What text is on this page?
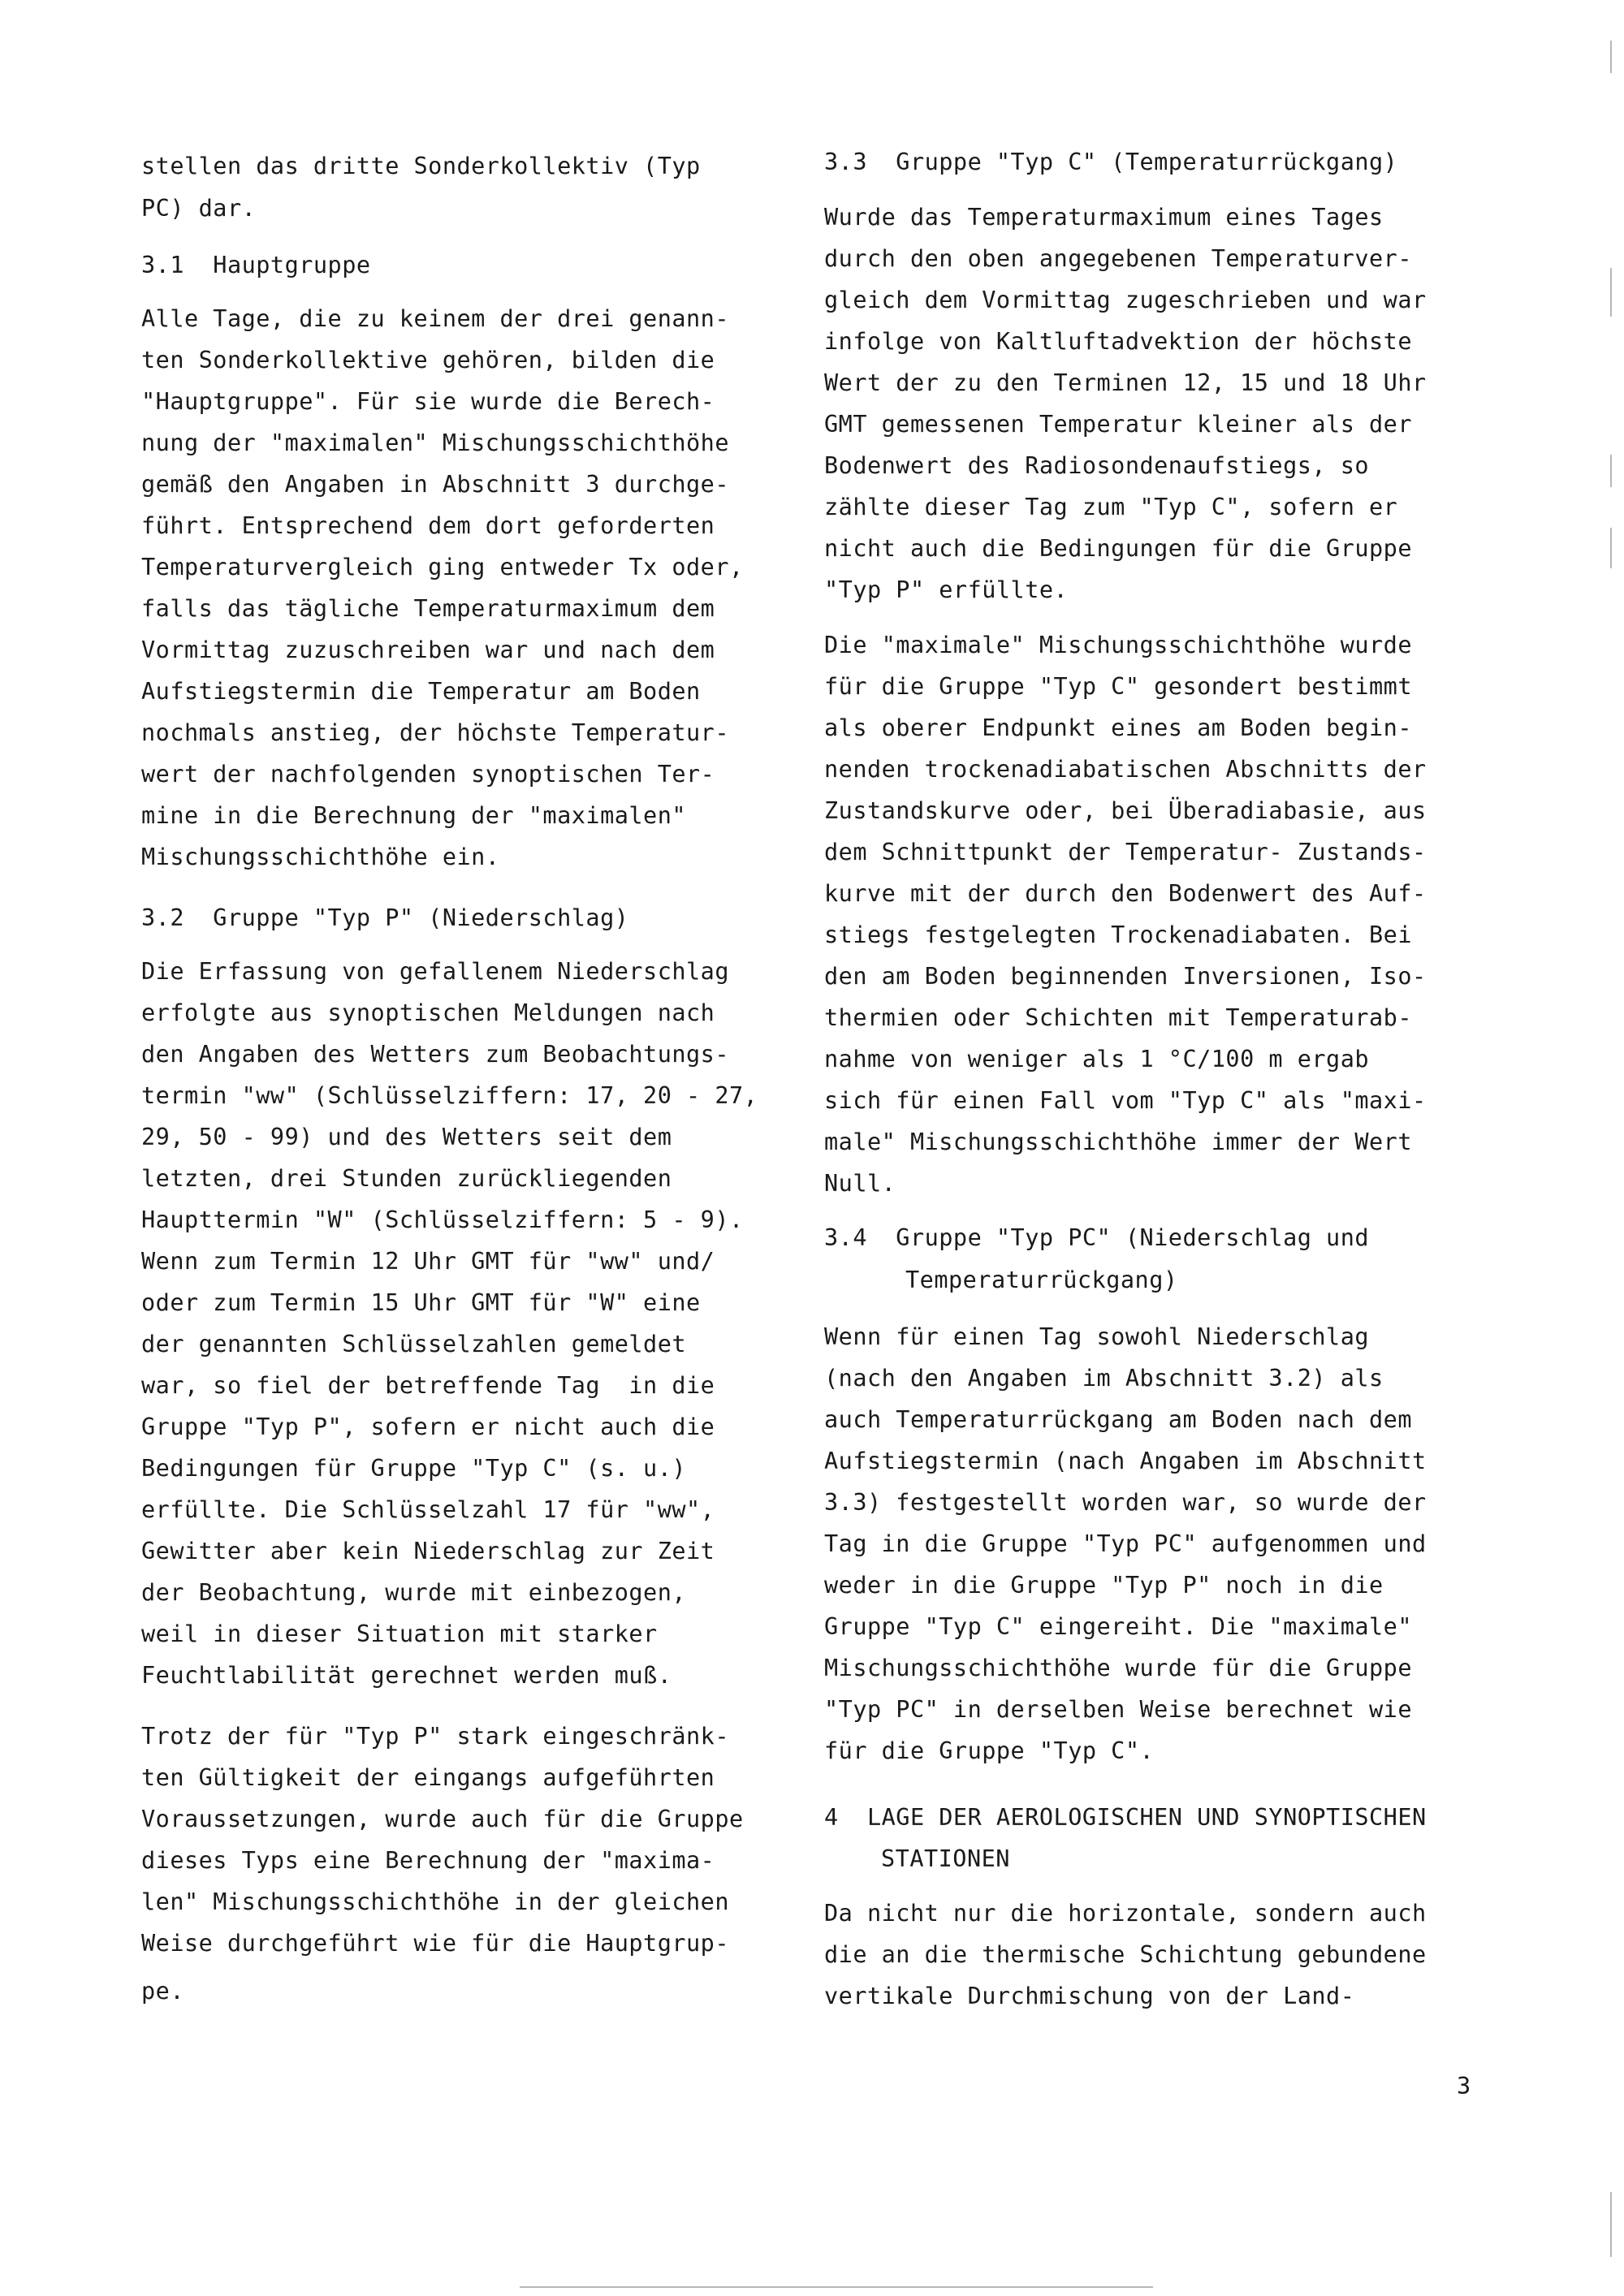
stellen das dritte Sonderkollektiv (Typ
PC) dar.
3.1  Hauptgruppe
Alle Tage, die zu keinem der drei genann-
ten Sonderkollektive gehören, bilden die
"Hauptgruppe". Für sie wurde die Berech-
nung der "maximalen" Mischungsschichthöhe
gemäß den Angaben in Abschnitt 3 durchge-
führt. Entsprechend dem dort geforderten
Temperaturvergleich ging entweder Tx oder,
falls das tägliche Temperaturmaximum dem
Vormittag zuzuschreiben war und nach dem
Aufstiegstermin die Temperatur am Boden
nochmals anstieg, der höchste Temperatur-
wert der nachfolgenden synoptischen Ter-
mine in die Berechnung der "maximalen"
Mischungsschichthöhe ein.
3.2  Gruppe "Typ P" (Niederschlag)
Die Erfassung von gefallenem Niederschlag
erfolgte aus synoptischen Meldungen nach
den Angaben des Wetters zum Beobachtungs-
termin "ww" (Schlüsselziffern: 17, 20 - 27,
29, 50 - 99) und des Wetters seit dem
letzten, drei Stunden zurückliegenden
Haupttermin "W" (Schlüsselziffern: 5 - 9).
Wenn zum Termin 12 Uhr GMT für "ww" und/
oder zum Termin 15 Uhr GMT für "W" eine
der genannten Schlüsselzahlen gemeldet
war, so fiel der betreffende Tag  in die
Gruppe "Typ P", sofern er nicht auch die
Bedingungen für Gruppe "Typ C" (s. u.)
erfüllte. Die Schlüsselzahl 17 für "ww",
Gewitter aber kein Niederschlag zur Zeit
der Beobachtung, wurde mit einbezogen,
weil in dieser Situation mit starker
Feuchtlabilität gerechnet werden muß.
Trotz der für "Typ P" stark eingeschränk-
ten Gültigkeit der eingangs aufgeführten
Voraussetzungen, wurde auch für die Gruppe
dieses Typs eine Berechnung der "maxima-
len" Mischungsschichthöhe in der gleichen
Weise durchgeführt wie für die Hauptgrup-
pe.
3.3  Gruppe "Typ C" (Temperaturrückgang)
Wurde das Temperaturmaximum eines Tages
durch den oben angegebenen Temperaturver-
gleich dem Vormittag zugeschrieben und war
infolge von Kaltluftadvektion der höchste
Wert der zu den Terminen 12, 15 und 18 Uhr
GMT gemessenen Temperatur kleiner als der
Bodenwert des Radiosondenaufstiegs, so
zählte dieser Tag zum "Typ C", sofern er
nicht auch die Bedingungen für die Gruppe
"Typ P" erfüllte.
Die "maximale" Mischungsschichthöhe wurde
für die Gruppe "Typ C" gesondert bestimmt
als oberer Endpunkt eines am Boden begin-
nenden trockenadiabatischen Abschnitts der
Zustandskurve oder, bei Überadiabasie, aus
dem Schnittpunkt der Temperatur- Zustands-
kurve mit der durch den Bodenwert des Auf-
stiegs festgelegten Trockenadiabaten. Bei
den am Boden beginnenden Inversionen, Iso-
thermien oder Schichten mit Temperaturab-
nahme von weniger als 1 °C/100 m ergab
sich für einen Fall vom "Typ C" als "maxi-
male" Mischungsschichthöhe immer der Wert
Null.
3.4  Gruppe "Typ PC" (Niederschlag und
Temperaturrückgang)
Wenn für einen Tag sowohl Niederschlag
(nach den Angaben im Abschnitt 3.2) als
auch Temperaturrückgang am Boden nach dem
Aufstiegstermin (nach Angaben im Abschnitt
3.3) festgestellt worden war, so wurde der
Tag in die Gruppe "Typ PC" aufgenommen und
weder in die Gruppe "Typ P" noch in die
Gruppe "Typ C" eingereiht. Die "maximale"
Mischungsschichthöhe wurde für die Gruppe
"Typ PC" in derselben Weise berechnet wie
für die Gruppe "Typ C".
4  LAGE DER AEROLOGISCHEN UND SYNOPTISCHEN
STATIONEN
Da nicht nur die horizontale, sondern auch
die an die thermische Schichtung gebundene
vertikale Durchmischung von der Land-
3
